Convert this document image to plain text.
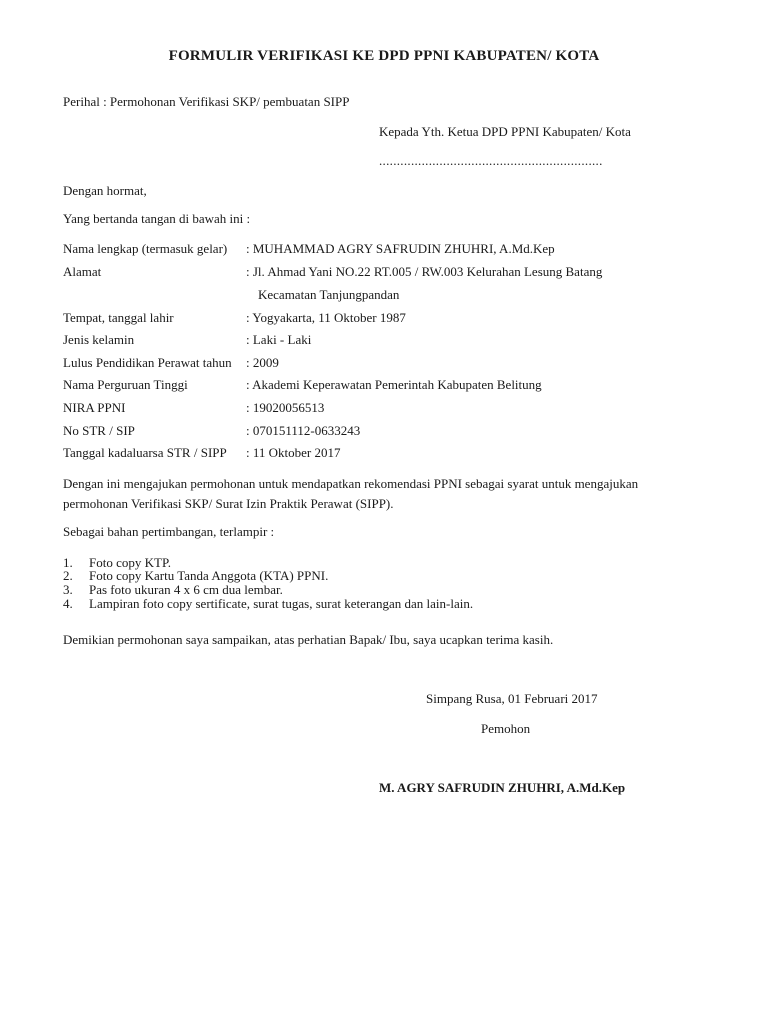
FORMULIR VERIFIKASI KE DPD PPNI KABUPATEN/ KOTA
Perihal : Permohonan Verifikasi SKP/ pembuatan SIPP
Kepada Yth. Ketua DPD PPNI Kabupaten/ Kota
...............................................................
Dengan hormat,
Yang bertanda tangan di bawah ini :
Nama lengkap (termasuk gelar) : MUHAMMAD AGRY SAFRUDIN ZHUHRI, A.Md.Kep
Alamat	: Jl. Ahmad Yani NO.22 RT.005 / RW.003 Kelurahan Lesung Batang
Kecamatan Tanjungpandan
Tempat, tanggal lahir	: Yogyakarta, 11 Oktober 1987
Jenis kelamin	: Laki - Laki
Lulus Pendidikan Perawat tahun : 2009
Nama Perguruan Tinggi	: Akademi Keperawatan Pemerintah Kabupaten Belitung
NIRA PPNI	: 19020056513
No STR / SIP	: 070151112-0633243
Tanggal kadaluarsa STR / SIPP : 11 Oktober 2017
Dengan ini mengajukan permohonan untuk mendapatkan rekomendasi PPNI sebagai syarat untuk mengajukan permohonan Verifikasi SKP/ Surat Izin Praktik Perawat (SIPP).
Sebagai bahan pertimbangan, terlampir :
1. Foto copy KTP.
2. Foto copy Kartu Tanda Anggota (KTA) PPNI.
3. Pas foto ukuran 4 x 6 cm dua lembar.
4. Lampiran foto copy sertificate, surat tugas, surat keterangan dan lain-lain.
Demikian permohonan saya sampaikan, atas perhatian Bapak/ Ibu, saya ucapkan terima kasih.
Simpang Rusa, 01 Februari 2017
Pemohon
M. AGRY SAFRUDIN ZHUHRI, A.Md.Kep
